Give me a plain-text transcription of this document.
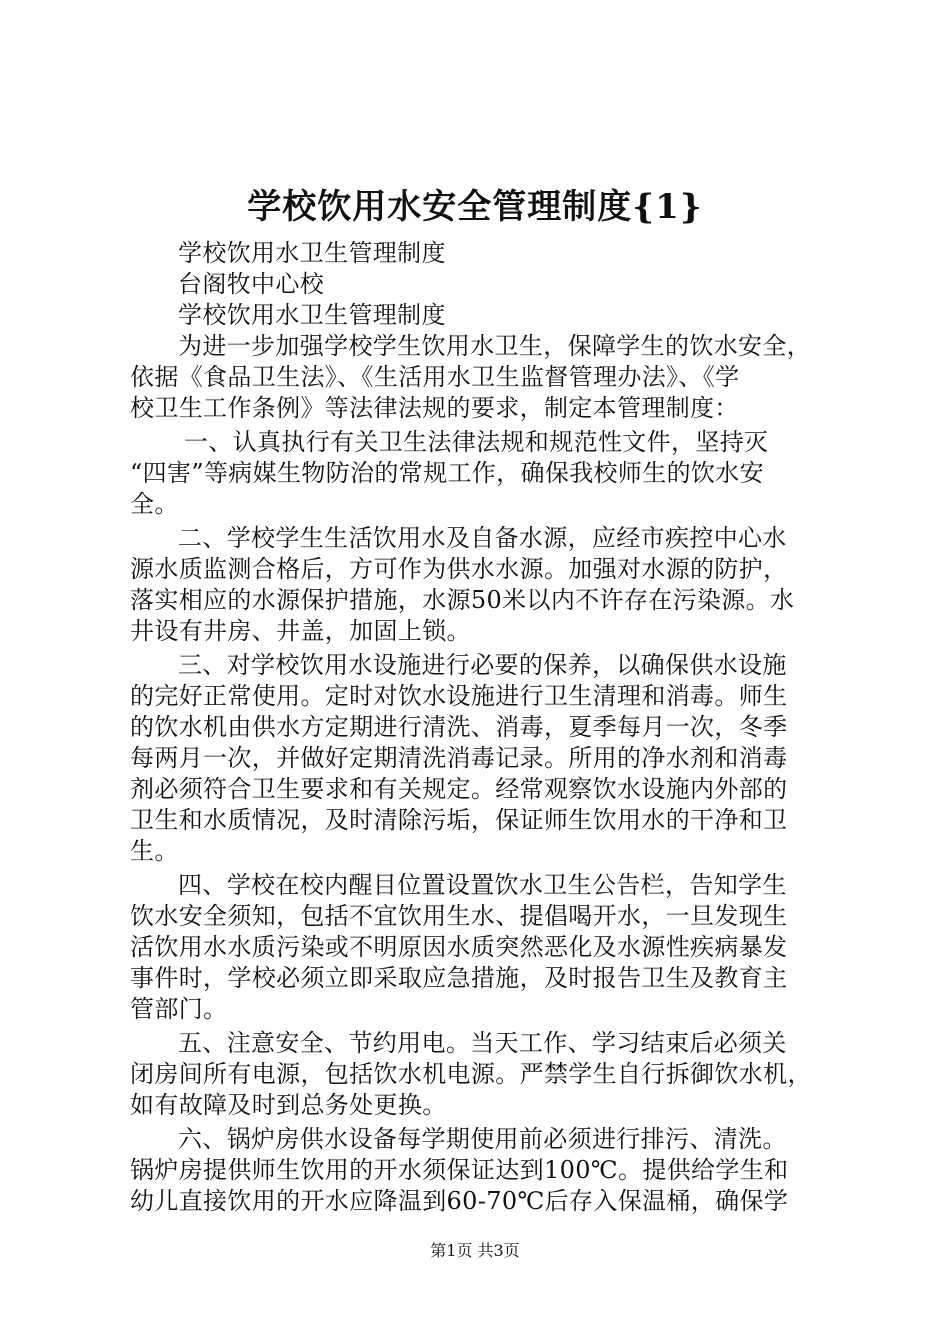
学校饮用水安全管理制度{1}

学校饮用水卫生管理制度

台阁牧中心校

学校饮用水卫生管理制度

为进一步加强学校学生饮用水卫生，保障学生的饮水安全，

依据《食品卫生法》、《生活用水卫生监督管理办法》、《学

校卫生工作条例》等法律法规的要求，制定本管理制度：

一、认真执行有关卫生法律法规和规范性文件，坚持灭

“四害”等病媒生物防治的常规工作，确保我校师生的饮水安

全。

二、学校学生生活饮用水及自备水源，应经市疾控中心水

源水质监测合格后，方可作为供水水源。加强对水源的防护，

落实相应的水源保护措施，水源50米以内不许存在污染源。水

井设有井房、井盖，加固上锁。

三、对学校饮用水设施进行必要的保养，以确保供水设施

的完好正常使用。定时对饮水设施进行卫生清理和消毒。师生

的饮水机由供水方定期进行清洗、消毒，夏季每月一次，冬季

每两月一次，并做好定期清洗消毒记录。所用的净水剂和消毒

剂必须符合卫生要求和有关规定。经常观察饮水设施内外部的

卫生和水质情况，及时清除污垢，保证师生饮用水的干净和卫

生。

四、学校在校内醒目位置设置饮水卫生公告栏，告知学生

饮水安全须知，包括不宜饮用生水、提倡喝开水，一旦发现生

活饮用水水质污染或不明原因水质突然恶化及水源性疾病暴发

事件时，学校必须立即采取应急措施，及时报告卫生及教育主

管部门。

五、注意安全、节约用电。当天工作、学习结束后必须关

闭房间所有电源，包括饮水机电源。严禁学生自行拆御饮水机，

如有故障及时到总务处更换。

六、锅炉房供水设备每学期使用前必须进行排污、清洗。

锅炉房提供师生饮用的开水须保证达到100℃。提供给学生和

幼儿直接饮用的开水应降温到60-70℃后存入保温桶，确保学

第1页 共3页
